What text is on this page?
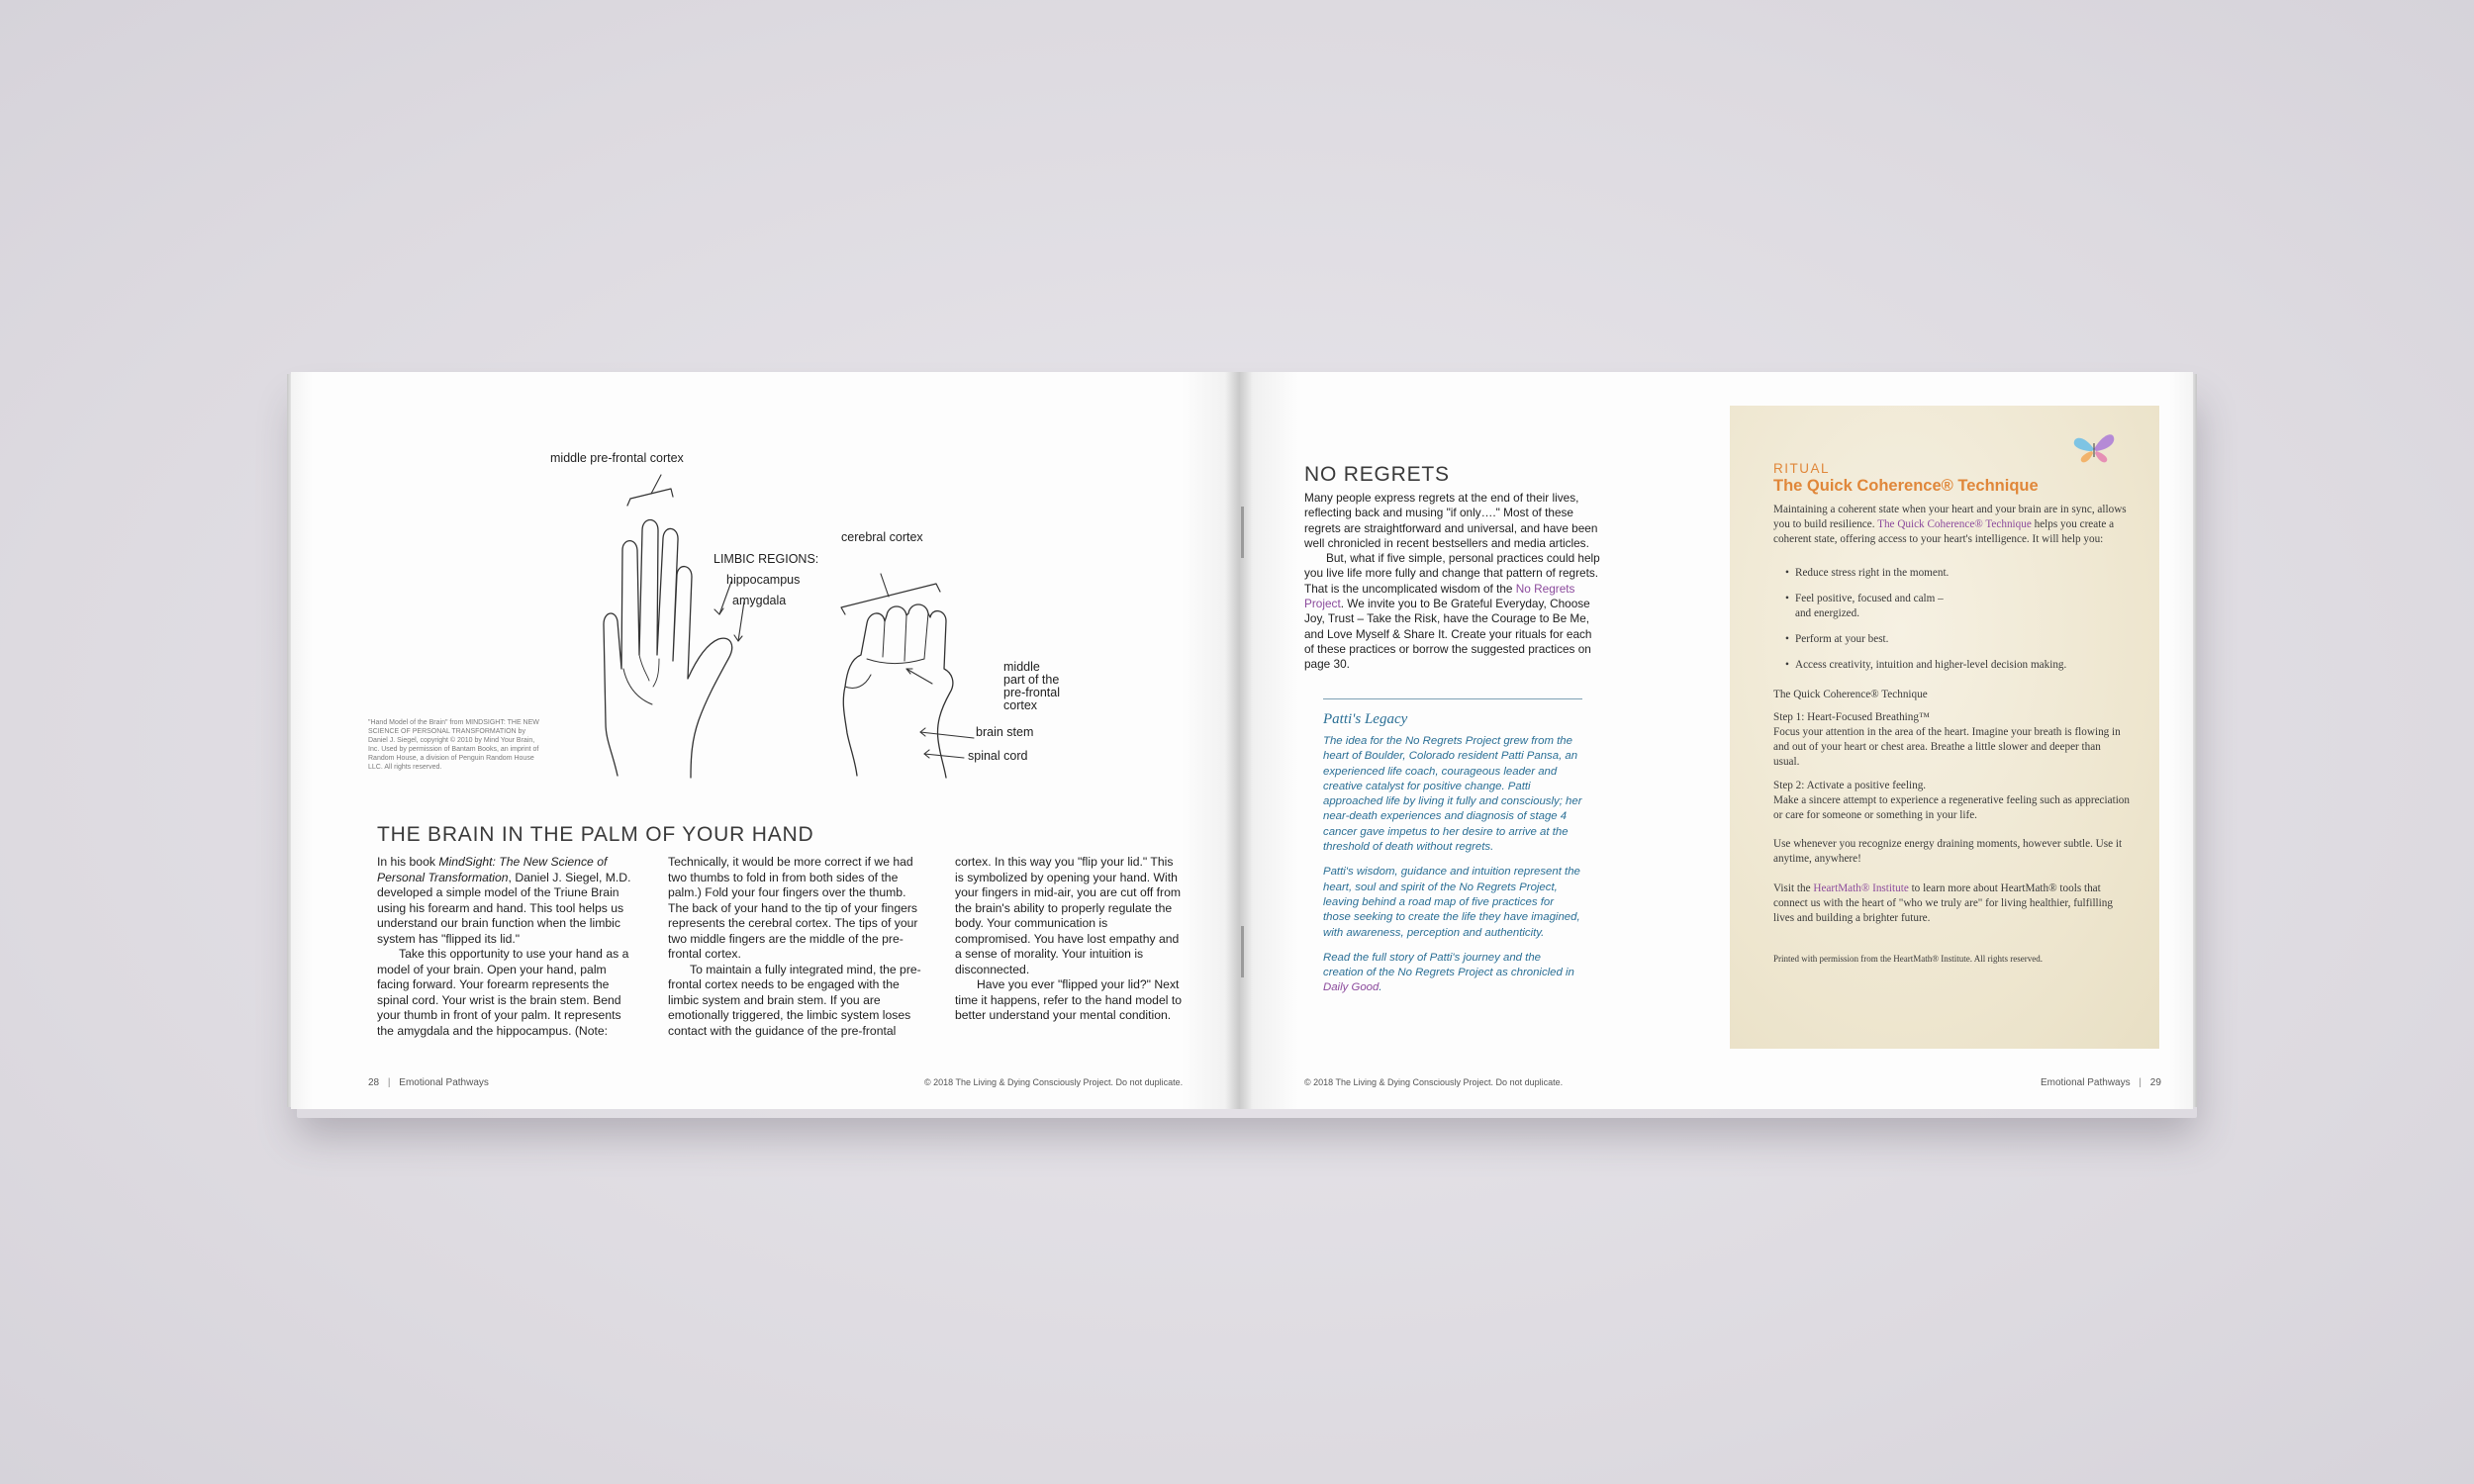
middle pre-frontal cortex
LIMBIC REGIONS:
hippocampus
amygdala
cerebral cortex
middle
part of the
pre-frontal
cortex
brain stem
spinal cord
"Hand Model of the Brain" from MINDSIGHT: THE NEW SCIENCE OF PERSONAL TRANSFORMATION by Daniel J. Siegel, copyright © 2010 by Mind Your Brain, Inc. Used by permission of Bantam Books, an imprint of Random House, a division of Penguin Random House LLC. All rights reserved.
THE BRAIN IN THE PALM OF YOUR HAND

In his book MindSight: The New Science of Personal Transformation, Daniel J. Siegel, M.D. developed a simple model of the Triune Brain using his forearm and hand. This tool helps us understand our brain function when the limbic system has "flipped its lid."

Take this opportunity to use your hand as a model of your brain. Open your hand, palm facing forward. Your forearm represents the spinal cord. Your wrist is the brain stem. Bend your thumb in front of your palm. It represents the amygdala and the hippocampus. (Note:

Technically, it would be more correct if we had two thumbs to fold in from both sides of the palm.) Fold your four fingers over the thumb. The back of your hand to the tip of your fingers represents the cerebral cortex. The tips of your two middle fingers are the middle of the pre-frontal cortex.

To maintain a fully integrated mind, the pre-frontal cortex needs to be engaged with the limbic system and brain stem. If you are emotionally triggered, the limbic system loses contact with the guidance of the pre-frontal

cortex. In this way you "flip your lid." This is symbolized by opening your hand. With your fingers in mid-air, you are cut off from the brain's ability to properly regulate the body. Your communication is compromised. You have lost empathy and a sense of morality. Your intuition is disconnected.

Have you ever "flipped your lid?" Next time it happens, refer to the hand model to better understand your mental condition.

28 | Emotional Pathways	© 2018 The Living & Dying Consciously Project. Do not duplicate.
NO REGRETS

Many people express regrets at the end of their lives, reflecting back and musing "if only…." Most of these regrets are straightforward and universal, and have been well chronicled in recent bestsellers and media articles.

But, what if five simple, personal practices could help you live life more fully and change that pattern of regrets. That is the uncomplicated wisdom of the No Regrets Project. We invite you to Be Grateful Everyday, Choose Joy, Trust – Take the Risk, have the Courage to Be Me, and Love Myself & Share It. Create your rituals for each of these practices or borrow the suggested practices on page 30.

Patti's Legacy

The idea for the No Regrets Project grew from the heart of Boulder, Colorado resident Patti Pansa, an experienced life coach, courageous leader and creative catalyst for positive change. Patti approached life by living it fully and consciously; her near-death experiences and diagnosis of stage 4 cancer gave impetus to her desire to arrive at the threshold of death without regrets.

Patti's wisdom, guidance and intuition represent the heart, soul and spirit of the No Regrets Project, leaving behind a road map of five practices for those seeking to create the life they have imagined, with awareness, perception and authenticity.

Read the full story of Patti's journey and the creation of the No Regrets Project as chronicled in Daily Good.

RITUAL
The Quick Coherence® Technique

Maintaining a coherent state when your heart and your brain are in sync, allows you to build resilience. The Quick Coherence® Technique helps you create a coherent state, offering access to your heart's intelligence. It will help you:

• Reduce stress right in the moment.
• Feel positive, focused and calm –
and energized.
• Perform at your best.
• Access creativity, intuition and higher-level decision making.

The Quick Coherence® Technique

Step 1: Heart-Focused Breathing™

Focus your attention in the area of the heart. Imagine your breath is flowing in and out of your heart or chest area. Breathe a little slower and deeper than usual.

Step 2: Activate a positive feeling.

Make a sincere attempt to experience a regenerative feeling such as appreciation or care for someone or something in your life.

Use whenever you recognize energy draining moments, however subtle. Use it anytime, anywhere!

Visit the HeartMath® Institute to learn more about HeartMath® tools that connect us with the heart of "who we truly are" for living healthier, fulfilling lives and building a brighter future.

Printed with permission from the HeartMath® Institute. All rights reserved.

© 2018 The Living & Dying Consciously Project. Do not duplicate.	Emotional Pathways | 29
